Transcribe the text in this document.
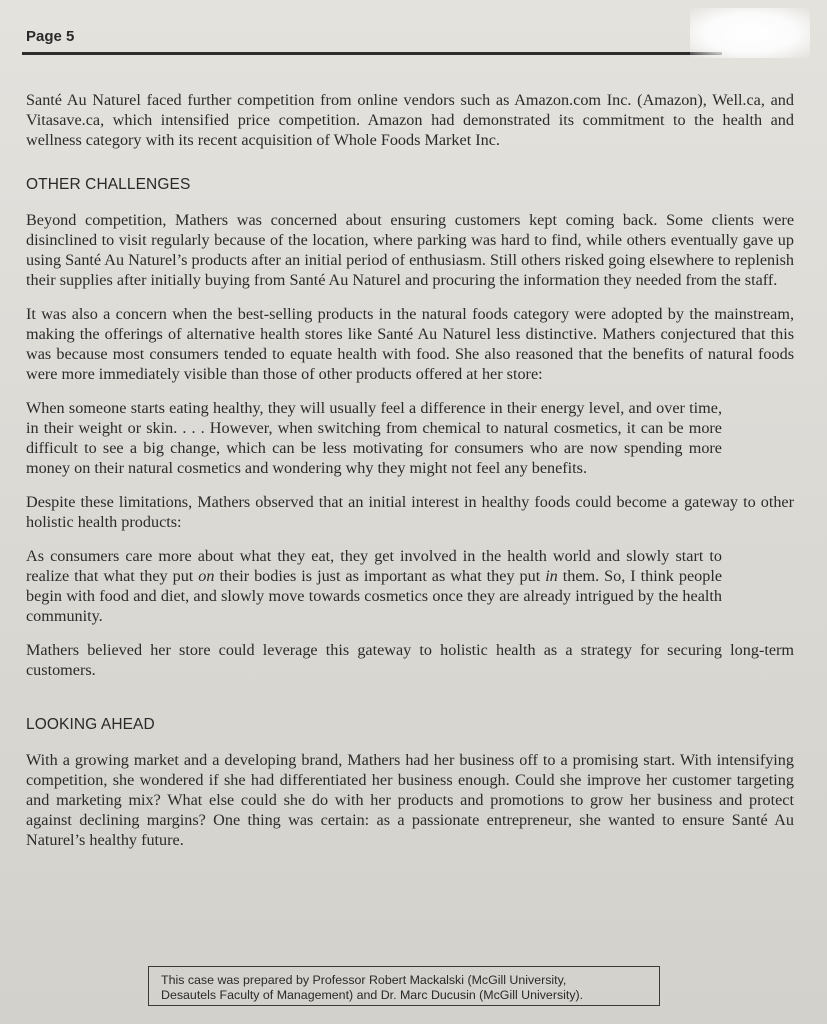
Page 5

Santé Au Naturel faced further competition from online vendors such as Amazon.com Inc. (Amazon), Well.ca, and Vitasave.ca, which intensified price competition. Amazon had demonstrated its commitment to the health and wellness category with its recent acquisition of Whole Foods Market Inc.

OTHER CHALLENGES

Beyond competition, Mathers was concerned about ensuring customers kept coming back. Some clients were disinclined to visit regularly because of the location, where parking was hard to find, while others eventually gave up using Santé Au Naturel’s products after an initial period of enthusiasm. Still others risked going elsewhere to replenish their supplies after initially buying from Santé Au Naturel and procuring the information they needed from the staff.

It was also a concern when the best-selling products in the natural foods category were adopted by the mainstream, making the offerings of alternative health stores like Santé Au Naturel less distinctive. Mathers conjectured that this was because most consumers tended to equate health with food. She also reasoned that the benefits of natural foods were more immediately visible than those of other products offered at her store:

When someone starts eating healthy, they will usually feel a difference in their energy level, and over time, in their weight or skin. . . . However, when switching from chemical to natural cosmetics, it can be more difficult to see a big change, which can be less motivating for consumers who are now spending more money on their natural cosmetics and wondering why they might not feel any benefits.

Despite these limitations, Mathers observed that an initial interest in healthy foods could become a gateway to other holistic health products:

As consumers care more about what they eat, they get involved in the health world and slowly start to realize that what they put on their bodies is just as important as what they put in them. So, I think people begin with food and diet, and slowly move towards cosmetics once they are already intrigued by the health community.

Mathers believed her store could leverage this gateway to holistic health as a strategy for securing long-term customers.

LOOKING AHEAD

With a growing market and a developing brand, Mathers had her business off to a promising start. With intensifying competition, she wondered if she had differentiated her business enough. Could she improve her customer targeting and marketing mix? What else could she do with her products and promotions to grow her business and protect against declining margins? One thing was certain: as a passionate entrepreneur, she wanted to ensure Santé Au Naturel’s healthy future.

This case was prepared by Professor Robert Mackalski (McGill University,
Desautels Faculty of Management) and Dr. Marc Ducusin (McGill University).
